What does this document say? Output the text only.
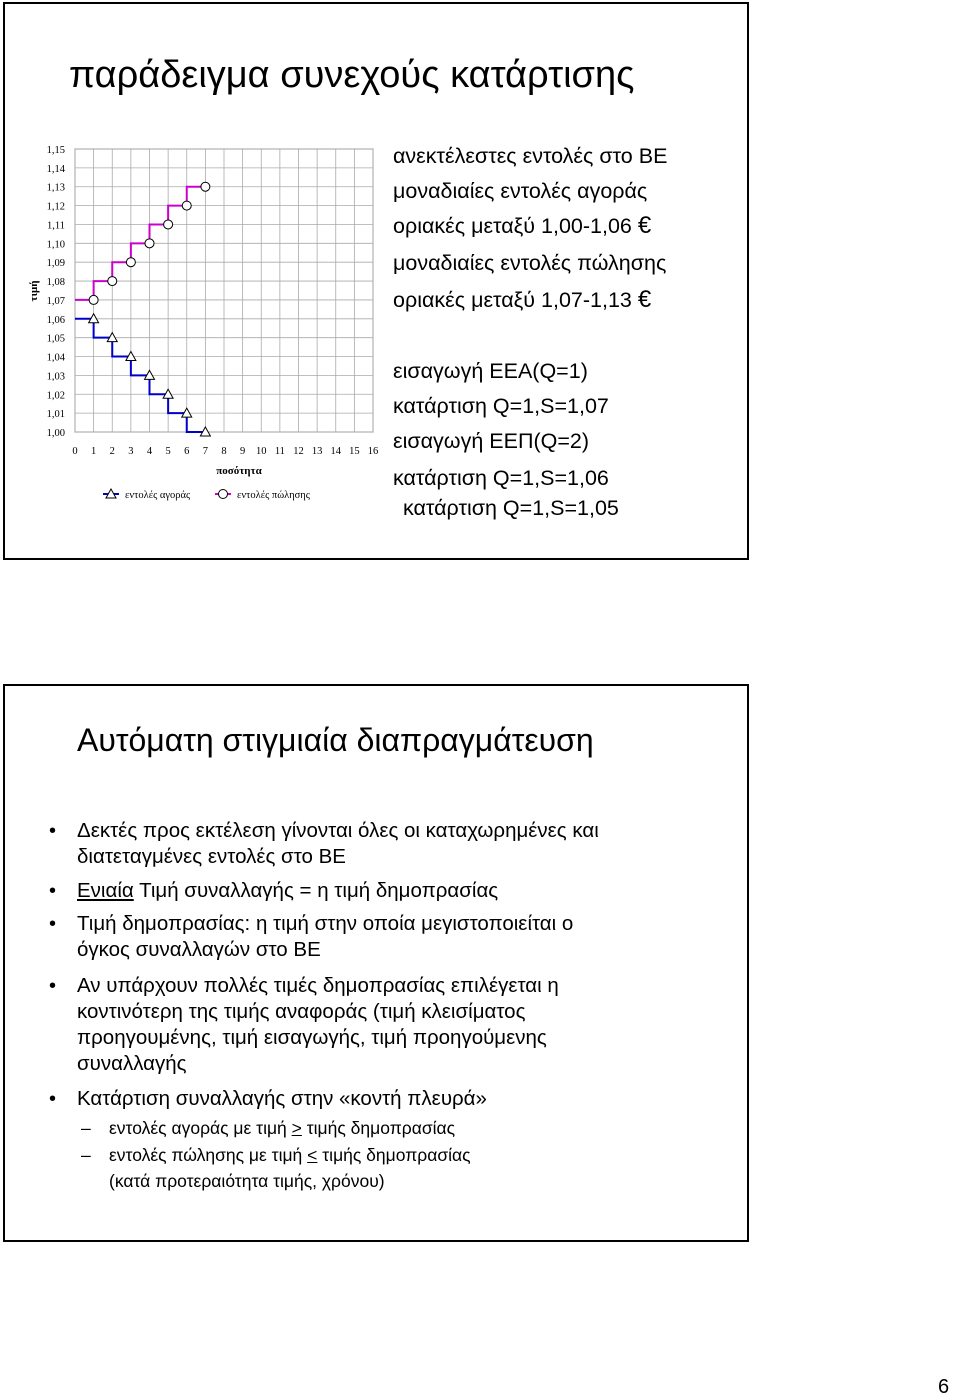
παράδειγμα συνεχούς κατάρτισης
0 1 2 3 4 5 6 7 8 9 10 11 12 13 14 15 16
1,15
1,14
1,13
1,12
1,11
1,10
1,09
1,08
1,07
1,06
1,05
1,04
1,03
1,02
1,01
1,00
τιμή
ποσότητα
εντολές αγοράς	εντολές πώλησης
ανεκτέλεστες εντολές στο ΒΕ
μοναδιαίες εντολές αγοράς
οριακές μεταξύ 1,00-1,06 €
μοναδιαίες εντολές πώλησης
οριακές μεταξύ 1,07-1,13 €
εισαγωγή ΕΕΑ(Q=1)
κατάρτιση Q=1,S=1,07
εισαγωγή ΕΕΠ(Q=2)
κατάρτιση Q=1,S=1,06
κατάρτιση Q=1,S=1,05
Αυτόματη στιγμιαία διαπραγμάτευση
• Δεκτές προς εκτέλεση γίνονται όλες οι καταχωρημένες και
διατεταγμένες εντολές στο ΒΕ
• Ενιαία Τιμή συναλλαγής = η τιμή δημοπρασίας
• Τιμή δημοπρασίας: η τιμή στην οποία μεγιστοποιείται ο
όγκος συναλλαγών στο ΒΕ
• Αν υπάρχουν πολλές τιμές δημοπρασίας επιλέγεται η
κοντινότερη της τιμής αναφοράς (τιμή κλεισίματος
προηγουμένης, τιμή εισαγωγής, τιμή προηγούμενης
συναλλαγής
• Κατάρτιση συναλλαγής στην «κοντή πλευρά»
– εντολές αγοράς με τιμή > τιμής δημοπρασίας
– εντολές πώλησης με τιμή < τιμής δημοπρασίας
(κατά προτεραιότητα τιμής, χρόνου)
6
